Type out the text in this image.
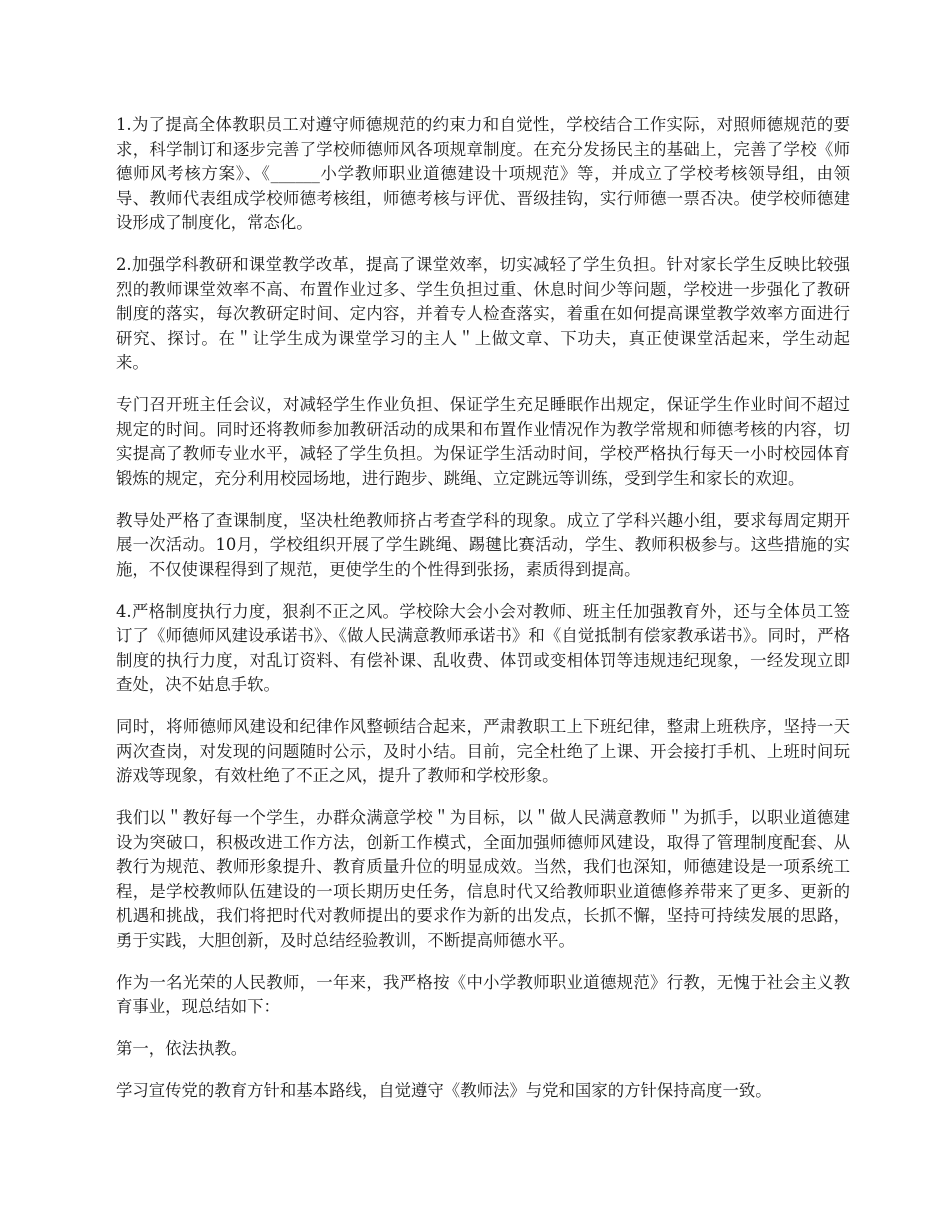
1.为了提高全体教职员工对遵守师德规范的约束力和自觉性，学校结合工作实际，对照师德规范的要求，科学制订和逐步完善了学校师德师风各项规章制度。在充分发扬民主的基础上，完善了学校《师德师风考核方案》、《______小学教师职业道德建设十项规范》等，并成立了学校考核领导组，由领导、教师代表组成学校师德考核组，师德考核与评优、晋级挂钩，实行师德一票否决。使学校师德建设形成了制度化，常态化。

2.加强学科教研和课堂教学改革，提高了课堂效率，切实减轻了学生负担。针对家长学生反映比较强烈的教师课堂效率不高、布置作业过多、学生负担过重、休息时间少等问题，学校进一步强化了教研制度的落实，每次教研定时间、定内容，并着专人检查落实，着重在如何提高课堂教学效率方面进行研究、探讨。在＂让学生成为课堂学习的主人＂上做文章、下功夫，真正使课堂活起来，学生动起来。

专门召开班主任会议，对减轻学生作业负担、保证学生充足睡眠作出规定，保证学生作业时间不超过规定的时间。同时还将教师参加教研活动的成果和布置作业情况作为教学常规和师德考核的内容，切实提高了教师专业水平，减轻了学生负担。为保证学生活动时间，学校严格执行每天一小时校园体育锻炼的规定，充分利用校园场地，进行跑步、跳绳、立定跳远等训练，受到学生和家长的欢迎。

教导处严格了查课制度，坚决杜绝教师挤占考查学科的现象。成立了学科兴趣小组，要求每周定期开展一次活动。10月，学校组织开展了学生跳绳、踢毽比赛活动，学生、教师积极参与。这些措施的实施，不仅使课程得到了规范，更使学生的个性得到张扬，素质得到提高。

4.严格制度执行力度，狠刹不正之风。学校除大会小会对教师、班主任加强教育外，还与全体员工签订了《师德师风建设承诺书》、《做人民满意教师承诺书》和《自觉抵制有偿家教承诺书》。同时，严格制度的执行力度，对乱订资料、有偿补课、乱收费、体罚或变相体罚等违规违纪现象，一经发现立即查处，决不姑息手软。

同时，将师德师风建设和纪律作风整顿结合起来，严肃教职工上下班纪律，整肃上班秩序，坚持一天两次查岗，对发现的问题随时公示，及时小结。目前，完全杜绝了上课、开会接打手机、上班时间玩游戏等现象，有效杜绝了不正之风，提升了教师和学校形象。

我们以＂教好每一个学生，办群众满意学校＂为目标，以＂做人民满意教师＂为抓手，以职业道德建设为突破口，积极改进工作方法，创新工作模式，全面加强师德师风建设，取得了管理制度配套、从教行为规范、教师形象提升、教育质量升位的明显成效。当然，我们也深知，师德建设是一项系统工程，是学校教师队伍建设的一项长期历史任务，信息时代又给教师职业道德修养带来了更多、更新的机遇和挑战，我们将把时代对教师提出的要求作为新的出发点，长抓不懈，坚持可持续发展的思路，勇于实践，大胆创新，及时总结经验教训，不断提高师德水平。

作为一名光荣的人民教师，一年来，我严格按《中小学教师职业道德规范》行教，无愧于社会主义教育事业，现总结如下：

第一，依法执教。

学习宣传党的教育方针和基本路线，自觉遵守《教师法》与党和国家的方针保持高度一致。
